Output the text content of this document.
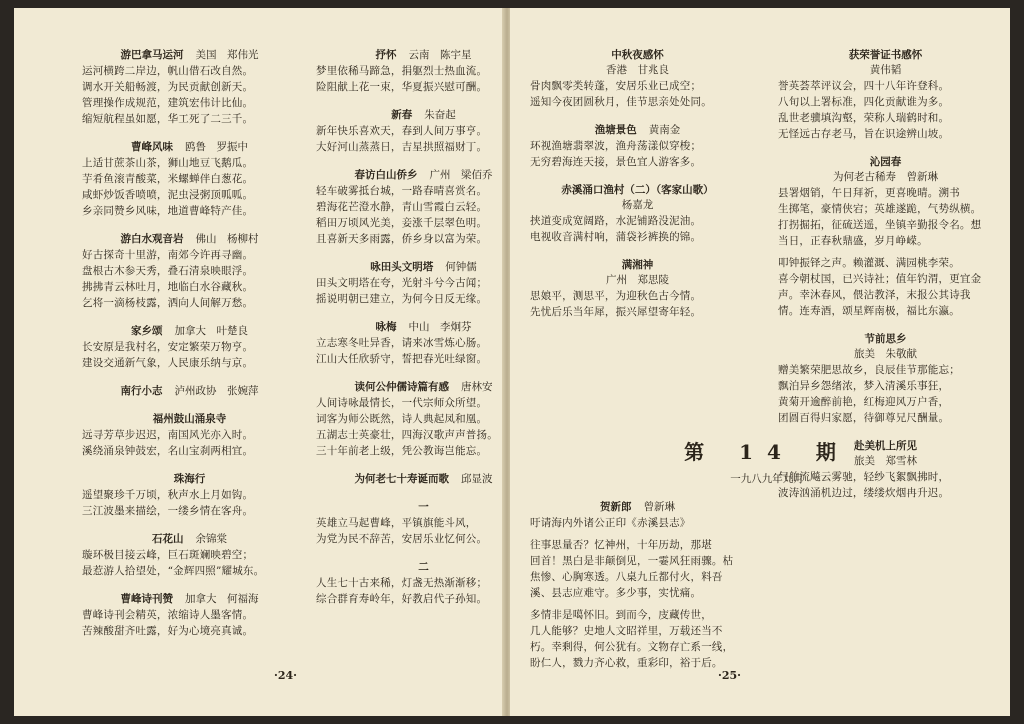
游巴拿马运河 美国　郑伟光
运河横跨二岸边，帆山借石改自然。
调水开关船畅渡，为民贡献创新天。
管理操作成规范，建筑宏伟计比仙。
缩短航程虽如愿，华工死了二三千。
曹峰风味 鸥鲁　罗振中
上适甘蔗茶山茶，狮山地豆飞鹅瓜。
芋肴鱼滚青酸菜，米螺蝉伴白葱花。
咸虾炒饭香喷喷，泥虫浸粥顶呱呱。
乡亲同赞乡风味，地道曹峰特产佳。
游白水观音岩 佛山　杨柳村
好古探奇十里游，南郊今许再寻幽。
盘根古木参天秀，叠石清泉映眼浮。
拂拂青云林吐月，地临白水谷藏秋。
乞将一滴杨枝露，洒向人间解万愁。
家乡颂 加拿大　叶楚良
长安原是我村名，安定繁荣万物亨。
建设交通新气象，人民康乐纳与京。
南行小志 泸州政协　张婉萍
福州鼓山涌泉寺
远寻芳草步迟迟，南国风光亦入时。
溪绕涌泉钟鼓宏，名山宝刹两相宜。
珠海行
遥望聚珍千万顷，秋声水上月如钩。
三江波墨来描绘，一缕乡情在客舟。
石花山 余锦棠
璇环极目接云峰，巨石斑斓映碧空；
最惹游人拾望处，“金辉四照”耀城东。
曹峰诗刊赞 加拿大　何福海
曹峰诗刊会精英，浓缩诗人墨客情。
苦辣酸甜齐吐露，好为心境亮真诚。
抒怀 云南　陈宇星
梦里依稀马蹄急，捐躯烈士热血流。
险阻献上花一束，华夏振兴慰可酬。
新春 朱奋起
新年快乐喜欢天，春到人间万事亨。
大好河山蒸蒸日，吉星拱照福财丁。
春访白山侨乡 广州　梁佰乔
轻车破雾抵台城，一路春晴喜赏名。
碧海花芒澄水静，青山雪霞白云轻。
稻田万顷风光美，妾涨千层翠色明。
且喜新天多雨露，侨乡身以富为荣。
咏田头文明塔 何钟儒
田头文明塔在夸，光射斗兮今古闻；
摇说明朝已建立，为何今日反无缘。
咏梅 中山　李炯芬
立志寒冬吐异香，请来冰雪炼心肠。
江山大任欣骄守，誓把春光吐绿窗。
读何公仲儒诗篇有感 唐林安
人间诗咏最情长，一代宗师众所望。
词客为师公既然，诗人典起凤和凰。
五湖志士英豪壮，四海汉歌声声普扬。
三十年前老上级，凭公教诲岂能忘。
为何老七十寿诞而歌 邱显波
一
英雄立马起曹峰，平镇旗能斗风，
为党为民不辞苦，安居乐业忆何公。
二
人生七十古来稀，灯盏无热渐渐移；
综合群育寿岭年，好教启代子孙知。
·24·
中秋夜感怀
香港　甘兆良
骨肉飘零类转蓬，安居乐业已成空；
遥知今夜团圆秋月，佳节思亲处处同。
渔塘景色 黄南金
环视渔塘翡翠波，渔舟荡漾似穿梭；
无穷碧海连天接，景色宜人游客多。
赤溪涌口渔村（二）（客家山歌）
杨嘉龙
挟道变成宽阔路，水泥铺路没泥油。
电视收音满村响，蒲袋衫裤换的锦。
满湘神
广州　郑思陵
思娘平，测思平，为迎秋色古今情。
先忧后乐当年犀，振兴犀望寄年轻。
第 14 期
一九八九年九月
贺新郎 曾新琳
吁请海内外诸公正印《赤溪县志》
往事思量否？忆神州，十年历劫，那堪
回首！黑白是非颠倒见，一霎风狂雨骤。枯
焦惨、心胸寒透。八桌九丘都付火，料吾
溪、县志应难守。多少事，实忧痛。
多情非是噶怀旧。到而今，庋藏传世，
几人能够？史地人文昭祥里，万载还当不
朽。幸剩得，何公犹有。文物存亡系一线，
盼仁人，戮力齐心救，重彩印，裕于后。
获荣誉证书感怀
黄伟韬
誉英荟萃评议会，四十八年许登科。
八旬以上署标准，四化贡献谁为多。
乱世老骥填沟壑，荣称人瑞鹤时和。
无怪远古存老马，旨在识途辨山坡。
沁园春
为何老古稀寿　曾新琳
县署烟销，午日拜祈，更喜晚晴。溯书
生掷笔，豪情侠宕；英雄遂跪，气势纵横。
打拐掘拓，征硫送遥，坐镇辛勤报令名。想
当日，正春秋鼎盛，岁月峥嵘。
叩钟振铎之声。赖灌溉、满园桃李荣。
喜今朝杖国，已兴诗社；值年钓渭，更宜金
声。幸沐春风，偎沾教泽，末报公其诗我
情。连寿酒，颂星辉南极，福比东瀛。
节前思乡
旅美　朱敬献
赠美繁荣肥思故乡，良辰佳节那能忘；
飘泊异乡怨绪浓，梦入清溪乐事狂，
黄菊开逾醉前艳，红梅迎风万户香，
团圆百得归家愿，待御尊兄尺酬量。
赴美机上所见
旅美　郑雪林
气舶流飚云雾驰，轻纱飞絮飘拂时，
波涛汹涌机边过，缕缕炊烟冉升迟。
·25·
